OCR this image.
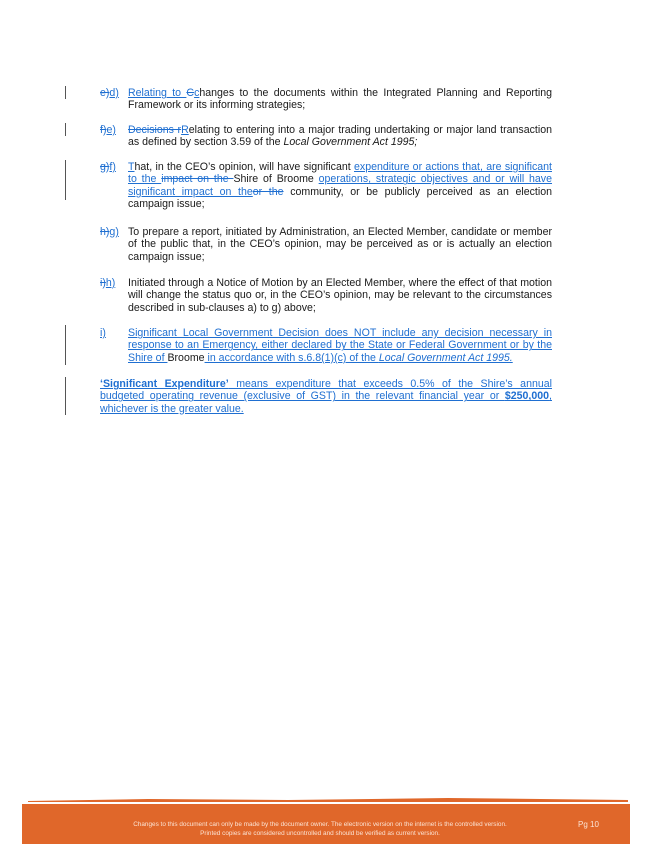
e)d) Relating to Cchanges to the documents within the Integrated Planning and Reporting Framework or its informing strategies;
f)e) Decisions rRelating to entering into a major trading undertaking or major land transaction as defined by section 3.59 of the Local Government Act 1995;
g)f) That, in the CEO’s opinion, will have significant expenditure or actions that, are significant to the impact on the Shire of Broome operations, strategic objectives and or will have significant impact on theor the community, or be publicly perceived as an election campaign issue;
h)g) To prepare a report, initiated by Administration, an Elected Member, candidate or member of the public that, in the CEO’s opinion, may be perceived as or is actually an election campaign issue;
i)h) Initiated through a Notice of Motion by an Elected Member, where the effect of that motion will change the status quo or, in the CEO’s opinion, may be relevant to the circumstances described in sub-clauses a) to g) above;
i) Significant Local Government Decision does NOT include any decision necessary in response to an Emergency, either declared by the State or Federal Government or by the Shire of Broome in accordance with s.6.8(1)(c) of the Local Government Act 1995.
‘Significant Expenditure’ means expenditure that exceeds 0.5% of the Shire’s annual budgeted operating revenue (exclusive of GST) in the relevant financial year or $250,000, whichever is the greater value.
Changes to this document can only be made by the document owner. The electronic version on the internet is the controlled version.
Printed copies are considered uncontrolled and should be verified as current version.
Pg 10
